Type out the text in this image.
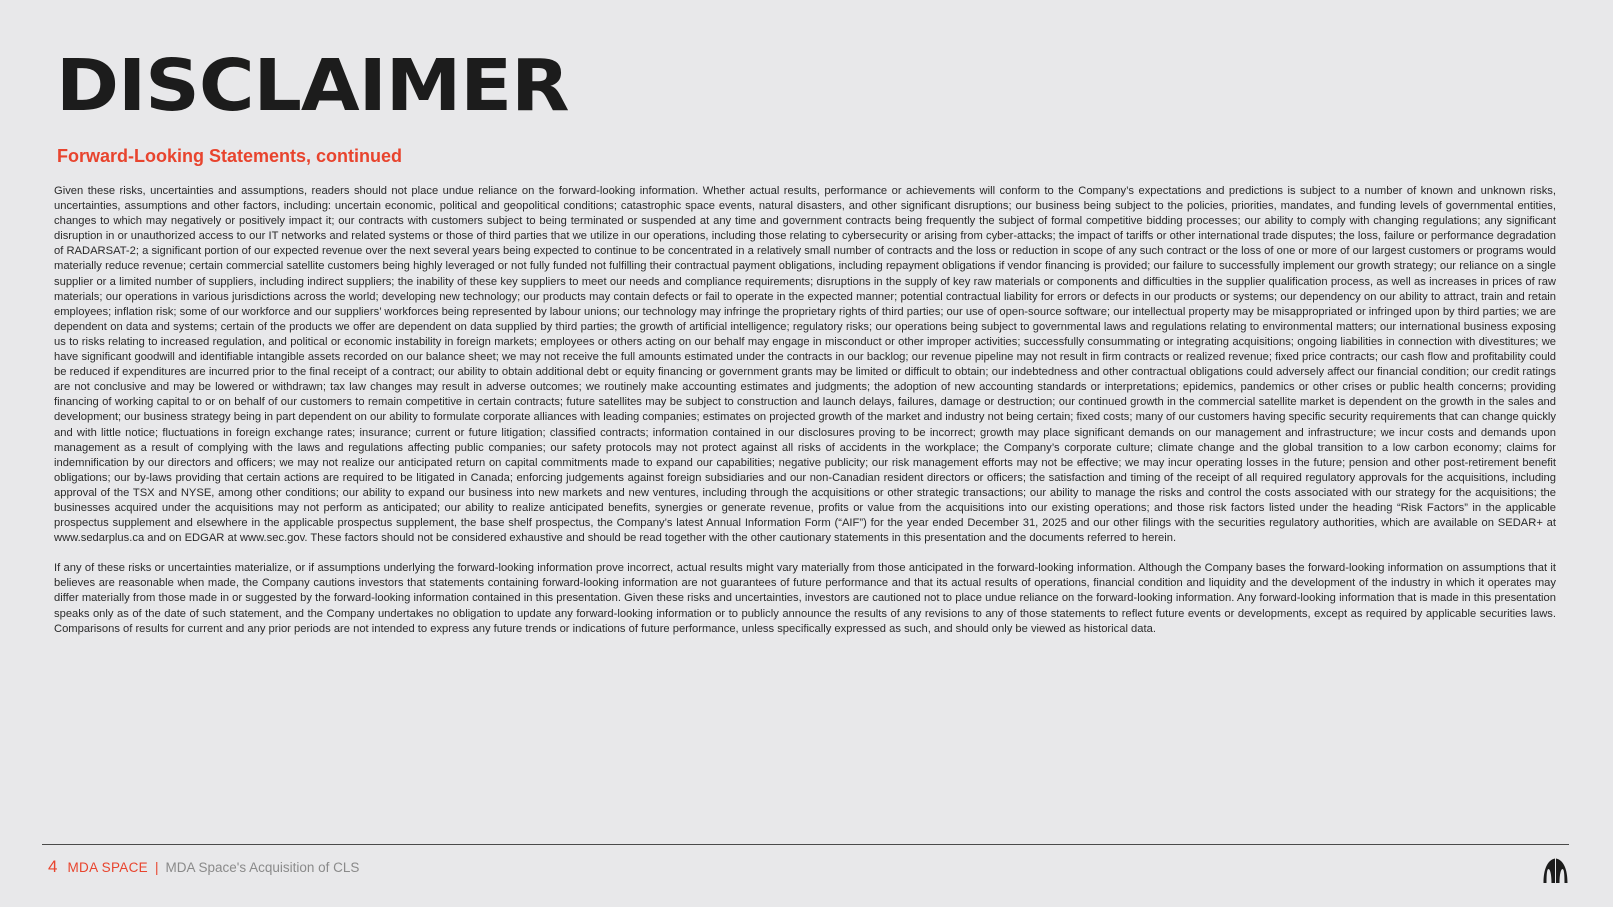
DISCLAIMER
Forward-Looking Statements, continued

Given these risks, uncertainties and assumptions, readers should not place undue reliance on the forward-looking information. Whether actual results, performance or achievements will conform to the Company’s expectations and predictions is subject to a number of known and unknown risks, uncertainties, assumptions and other factors, including: uncertain economic, political and geopolitical conditions; catastrophic space events, natural disasters, and other significant disruptions; our business being subject to the policies, priorities, mandates, and funding levels of governmental entities, changes to which may negatively or positively impact it; our contracts with customers subject to being terminated or suspended at any time and government contracts being frequently the subject of formal competitive bidding processes; our ability to comply with changing regulations; any significant disruption in or unauthorized access to our IT networks and related systems or those of third parties that we utilize in our operations, including those relating to cybersecurity or arising from cyber-attacks; the impact of tariffs or other international trade disputes; the loss, failure or performance degradation of RADARSAT-2; a significant portion of our expected revenue over the next several years being expected to continue to be concentrated in a relatively small number of contracts and the loss or reduction in scope of any such contract or the loss of one or more of our largest customers or programs would materially reduce revenue; certain commercial satellite customers being highly leveraged or not fully funded not fulfilling their contractual payment obligations, including repayment obligations if vendor financing is provided; our failure to successfully implement our growth strategy; our reliance on a single supplier or a limited number of suppliers, including indirect suppliers; the inability of these key suppliers to meet our needs and compliance requirements; disruptions in the supply of key raw materials or components and difficulties in the supplier qualification process, as well as increases in prices of raw materials; our operations in various jurisdictions across the world; developing new technology; our products may contain defects or fail to operate in the expected manner; potential contractual liability for errors or defects in our products or systems; our dependency on our ability to attract, train and retain employees; inflation risk; some of our workforce and our suppliers’ workforces being represented by labour unions; our technology may infringe the proprietary rights of third parties; our use of open-source software; our intellectual property may be misappropriated or infringed upon by third parties; we are dependent on data and systems; certain of the products we offer are dependent on data supplied by third parties; the growth of artificial intelligence; regulatory risks; our operations being subject to governmental laws and regulations relating to environmental matters; our international business exposing us to risks relating to increased regulation, and political or economic instability in foreign markets; employees or others acting on our behalf may engage in misconduct or other improper activities; successfully consummating or integrating acquisitions; ongoing liabilities in connection with divestitures; we have significant goodwill and identifiable intangible assets recorded on our balance sheet; we may not receive the full amounts estimated under the contracts in our backlog; our revenue pipeline may not result in firm contracts or realized revenue; fixed price contracts; our cash flow and profitability could be reduced if expenditures are incurred prior to the final receipt of a contract; our ability to obtain additional debt or equity financing or government grants may be limited or difficult to obtain; our indebtedness and other contractual obligations could adversely affect our financial condition; our credit ratings are not conclusive and may be lowered or withdrawn; tax law changes may result in adverse outcomes; we routinely make accounting estimates and judgments; the adoption of new accounting standards or interpretations; epidemics, pandemics or other crises or public health concerns; providing financing of working capital to or on behalf of our customers to remain competitive in certain contracts; future satellites may be subject to construction and launch delays, failures, damage or destruction; our continued growth in the commercial satellite market is dependent on the growth in the sales and development; our business strategy being in part dependent on our ability to formulate corporate alliances with leading companies; estimates on projected growth of the market and industry not being certain; fixed costs; many of our customers having specific security requirements that can change quickly and with little notice; fluctuations in foreign exchange rates; insurance; current or future litigation; classified contracts; information contained in our disclosures proving to be incorrect; growth may place significant demands on our management and infrastructure; we incur costs and demands upon management as a result of complying with the laws and regulations affecting public companies; our safety protocols may not protect against all risks of accidents in the workplace; the Company’s corporate culture; climate change and the global transition to a low carbon economy; claims for indemnification by our directors and officers; we may not realize our anticipated return on capital commitments made to expand our capabilities; negative publicity; our risk management efforts may not be effective; we may incur operating losses in the future; pension and other post-retirement benefit obligations; our by-laws providing that certain actions are required to be litigated in Canada; enforcing judgements against foreign subsidiaries and our non-Canadian resident directors or officers; the satisfaction and timing of the receipt of all required regulatory approvals for the acquisitions, including approval of the TSX and NYSE, among other conditions; our ability to expand our business into new markets and new ventures, including through the acquisitions or other strategic transactions; our ability to manage the risks and control the costs associated with our strategy for the acquisitions; the businesses acquired under the acquisitions may not perform as anticipated; our ability to realize anticipated benefits, synergies or generate revenue, profits or value from the acquisitions into our existing operations; and those risk factors listed under the heading “Risk Factors” in the applicable prospectus supplement and elsewhere in the applicable prospectus supplement, the base shelf prospectus, the Company’s latest Annual Information Form (“AIF”) for the year ended December 31, 2025 and our other filings with the securities regulatory authorities, which are available on SEDAR+ at www.sedarplus.ca and on EDGAR at www.sec.gov. These factors should not be considered exhaustive and should be read together with the other cautionary statements in this presentation and the documents referred to herein.

If any of these risks or uncertainties materialize, or if assumptions underlying the forward-looking information prove incorrect, actual results might vary materially from those anticipated in the forward-looking information. Although the Company bases the forward-looking information on assumptions that it believes are reasonable when made, the Company cautions investors that statements containing forward-looking information are not guarantees of future performance and that its actual results of operations, financial condition and liquidity and the development of the industry in which it operates may differ materially from those made in or suggested by the forward-looking information contained in this presentation. Given these risks and uncertainties, investors are cautioned not to place undue reliance on the forward-looking information. Any forward-looking information that is made in this presentation speaks only as of the date of such statement, and the Company undertakes no obligation to update any forward-looking information or to publicly announce the results of any revisions to any of those statements to reflect future events or developments, except as required by applicable securities laws. Comparisons of results for current and any prior periods are not intended to express any future trends or indications of future performance, unless specifically expressed as such, and should only be viewed as historical data.

4 MDA SPACE | MDA Space's Acquisition of CLS
